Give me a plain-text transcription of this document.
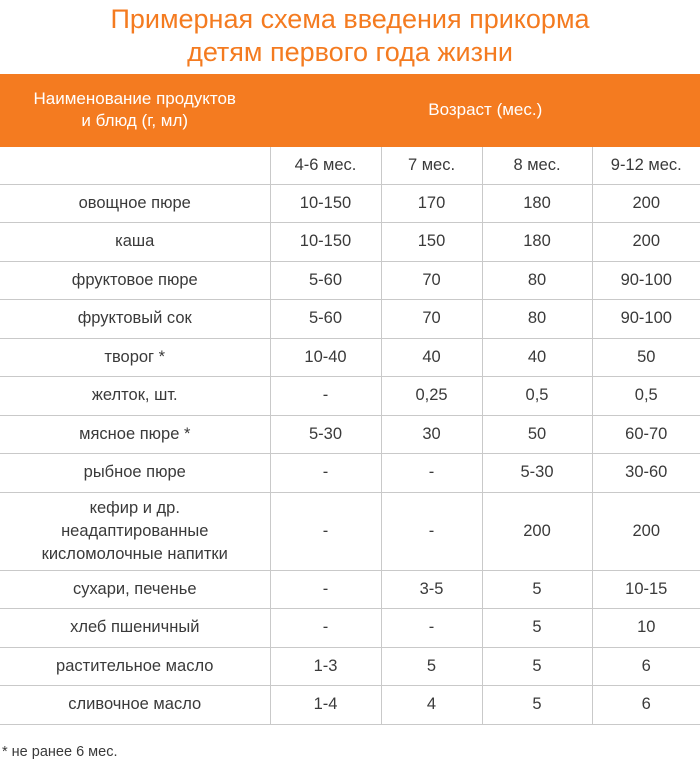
Примерная схема введения прикорма
детям первого года жизни
Наименование продуктов
и блюд (г, мл)	Возраст (мес.)			
	4-6 мес.	7 мес.	8 мес.	9-12 мес.
овощное пюре	10-150	170	180	200
каша	10-150	150	180	200
фруктовое пюре	5-60	70	80	90-100
фруктовый сок	5-60	70	80	90-100
творог *	10-40	40	40	50
желток, шт.	-	0,25	0,5	0,5
мясное пюре *	5-30	30	50	60-70
рыбное пюре	-	-	5-30	30-60
кефир и др.
неадаптированные
кисломолочные напитки	-	-	200	200
сухари, печенье	-	3-5	5	10-15
хлеб пшеничный	-	-	5	10
растительное масло	1-3	5	5	6
сливочное масло	1-4	4	5	6
* не ранее 6 мес.
